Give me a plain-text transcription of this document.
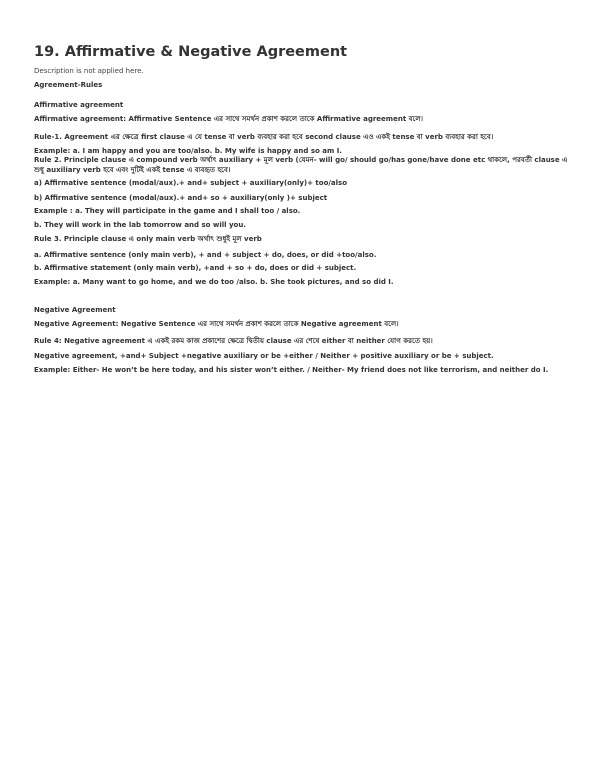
19. Affirmative & Negative Agreement
Description is not applied here.
Agreement-Rules
Affirmative agreement
Affirmative agreement: Affirmative Sentence এর সাথে সমর্থন প্রকাশ করলে তাকে Affirmative agreement বলে।
Rule-1. Agreement এর ক্ষেত্রে first clause এ যে tense বা verb ব্যবহার করা হবে second clause এও একই tense বা verb ব্যবহার করা হবে।
Example: a. I am happy and you are too/also. b. My wife is happy and so am I.
Rule 2. Principle clause এ compound verb অর্থাৎ auxiliary + মূল verb (যেমন- will go/ should go/has gone/have done etc থাকলে, পরবর্তী clause এ
শুধু auxiliary verb হবে এবং দুটিই একই tense এ ব্যবহৃত হবে।
a) Affirmative sentence (modal/aux).+ and+ subject + auxiliary(only)+ too/also
b) Affirmative sentence (modal/aux).+ and+ so + auxiliary(only )+ subject
Example : a. They will participate in the game and I shall too / also.
b. They will work in the lab tomorrow and so will you.
Rule 3. Principle clause এ only main verb অর্থাৎ শুধুই মূল verb
a. Affirmative sentence (only main verb), + and + subject + do, does, or did +too/also.
b. Affirmative statement (only main verb), +and + so + do, does or did + subject.
Example: a. Many want to go home, and we do too /also. b. She took pictures, and so did I.
Negative Agreement
Negative Agreement: Negative Sentence এর সাথে সমর্থন প্রকাশ করলে তাকে Negative agreement বলে।
Rule 4: Negative agreement এ একই রকম কাজ প্রকাশের ক্ষেত্রে দ্বিতীয় clause এর শেষে either বা neither যোগ করতে হয়।
Negative agreement, +and+ Subject +negative auxiliary or be +either / Neither + positive auxiliary or be + subject.
Example: Either- He won’t be here today, and his sister won’t either. / Neither- My friend does not like terrorism, and neither do I.
